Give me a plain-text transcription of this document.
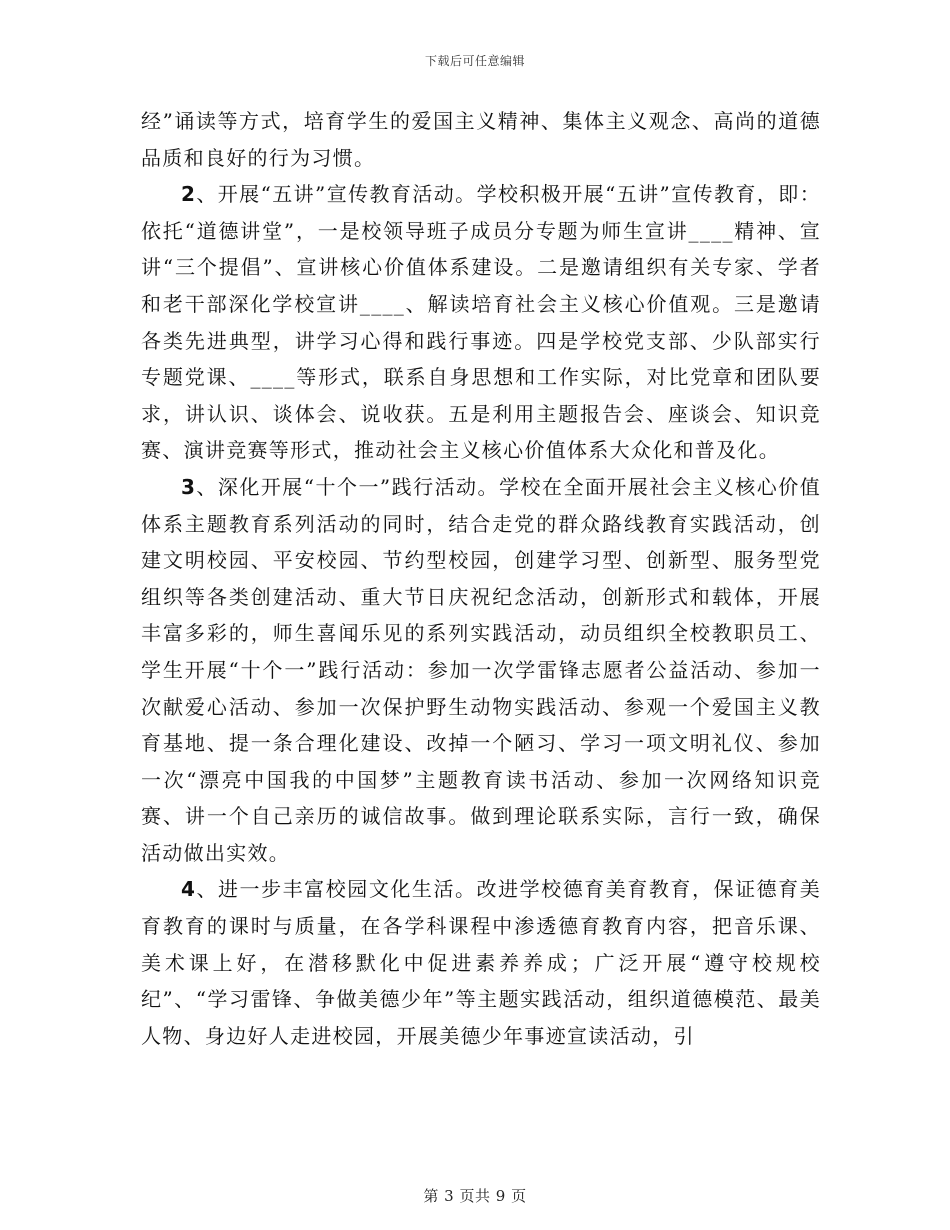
下载后可任意编辑

经”诵读等方式，培育学生的爱国主义精神、集体主义观念、高尚的道德品质和良好的行为习惯。

2、开展“五讲”宣传教育活动。学校积极开展“五讲”宣传教育，即：依托“道德讲堂”，一是校领导班子成员分专题为师生宣讲____精神、宣讲“三个提倡”、宣讲核心价值体系建设。二是邀请组织有关专家、学者和老干部深化学校宣讲____、解读培育社会主义核心价值观。三是邀请各类先进典型，讲学习心得和践行事迹。四是学校党支部、少队部实行专题党课、____等形式，联系自身思想和工作实际，对比党章和团队要求，讲认识、谈体会、说收获。五是利用主题报告会、座谈会、知识竞赛、演讲竞赛等形式，推动社会主义核心价值体系大众化和普及化。

3、深化开展“十个一”践行活动。学校在全面开展社会主义核心价值体系主题教育系列活动的同时，结合走党的群众路线教育实践活动，创建文明校园、平安校园、节约型校园，创建学习型、创新型、服务型党组织等各类创建活动、重大节日庆祝纪念活动，创新形式和载体，开展丰富多彩的，师生喜闻乐见的系列实践活动，动员组织全校教职员工、学生开展“十个一”践行活动：参加一次学雷锋志愿者公益活动、参加一次献爱心活动、参加一次保护野生动物实践活动、参观一个爱国主义教育基地、提一条合理化建设、改掉一个陋习、学习一项文明礼仪、参加一次“漂亮中国我的中国梦”主题教育读书活动、参加一次网络知识竞赛、讲一个自己亲历的诚信故事。做到理论联系实际，言行一致，确保活动做出实效。

4、进一步丰富校园文化生活。改进学校德育美育教育，保证德育美育教育的课时与质量，在各学科课程中渗透德育教育内容，把音乐课、美术课上好，在潜移默化中促进素养养成；广泛开展“遵守校规校纪”、“学习雷锋、争做美德少年”等主题实践活动，组织道德模范、最美人物、身边好人走进校园，开展美德少年事迹宣读活动，引

第 3 页共 9 页
